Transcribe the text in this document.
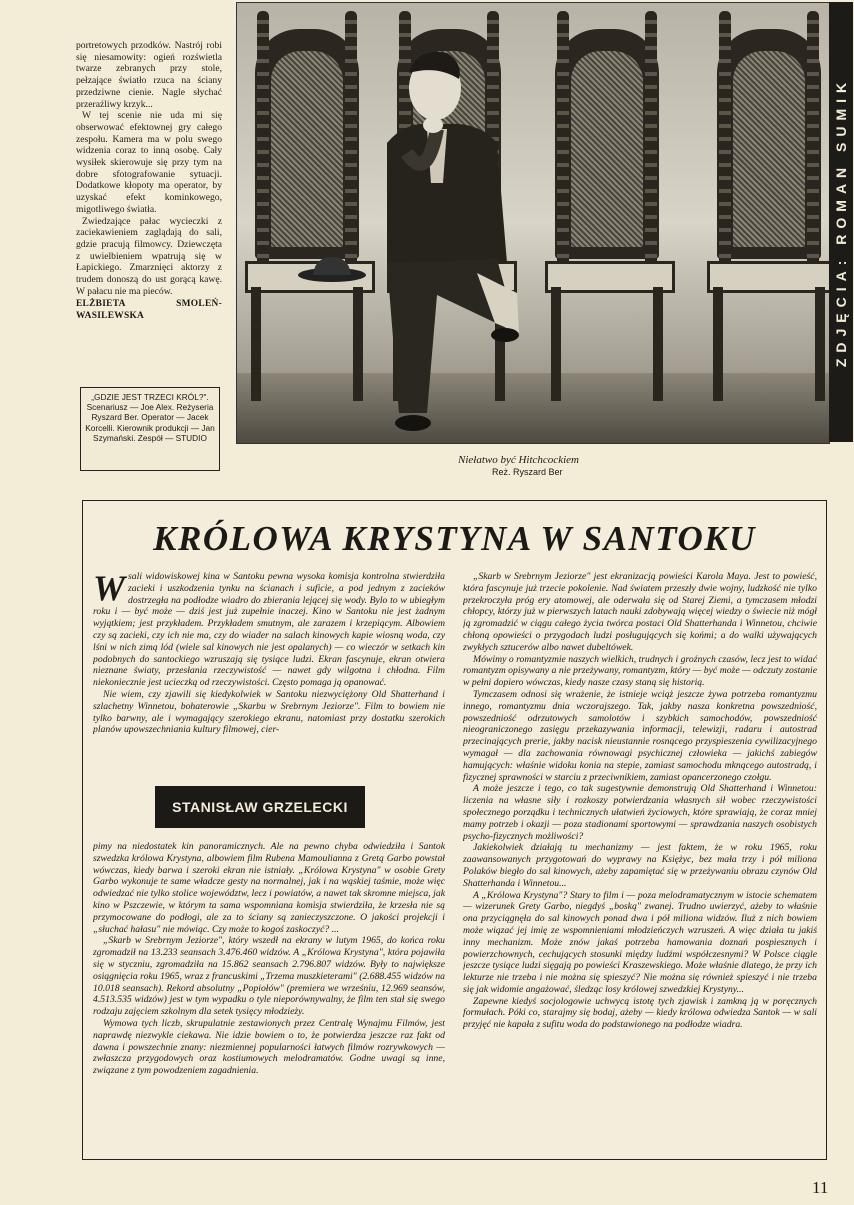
portretowych przodków. Nastrój robi się niesamowity: ogień rozświetla twarze zebranych przy stole, pełzające światło rzuca na ściany przedziwne cienie. Nagle słychać przeraźliwy krzyk...

W tej scenie nie uda mi się obserwować efektownej gry całego zespołu. Kamera ma w polu swego widzenia coraz to inną osobę. Cały wysiłek skierowuje się przy tym na dobre sfotografowanie sytuacji. Dodatkowe kłopoty ma operator, by uzyskać efekt kominkowego, migotliwego światła.

Zwiedzające pałac wycieczki z zaciekawieniem zaglądają do sali, gdzie pracują filmowcy. Dziewczęta z uwielbieniem wpatrują się w Łapickiego. Zmarznięci aktorzy z trudem donoszą do ust gorącą kawę. W pałacu nie ma pieców.

ELŻBIETA SMOLEŃ-WASILEWSKA
„GDZIE JEST TRZECI KRÓL?". Scenariusz — Joe Alex. Reżyseria Ryszard Ber. Operator — Jacek Korcelli. Kierownik produkcji — Jan Szymański. Zespół — STUDIO
ZDJĘCIA: ROMAN SUMIK
Niełatwo być Hitchcockiem
Reż. Ryszard Ber
KRÓLOWA KRYSTYNA W SANTOKU

Wsali widowiskowej kina w Santoku pewna wysoka komisja kontrolna stwierdziła zacieki i uszkodzenia tynku na ścianach i suficie, a pod jednym z zacieków dostrzegła na podłodze wiadro do zbierania lejącej się wody. Bylo to w ubiegłym roku i — być może — dziś jest już zupełnie inaczej. Kino w Santoku nie jest żadnym wyjątkiem; jest przykładem. Przykładem smutnym, ale zarazem i krzepiącym. Albowiem czy są zacieki, czy ich nie ma, czy do wiader na salach kinowych kapie wiosną woda, czy lśni w nich zimą lód (wiele sal kinowych nie jest opalanych) — co wieczór w setkach kin podobnych do santockiego wzruszają się tysiące ludzi. Ekran fascynuje, ekran otwiera nieznane światy, przesłania rzeczywistość — nawet gdy wilgotna i chłodna. Film niekoniecznie jest ucieczką od rzeczywistości. Często pomaga ją opanować.

Nie wiem, czy zjawili się kiedykolwiek w Santoku niezwyciężony Old Shatterhand i szlachetny Winnetou, bohaterowie „Skarbu w Srebrnym Jeziorze". Film to bowiem nie tylko barwny, ale i wymagający szerokiego ekranu, natomiast przy dostatku szerokich planów upowszechniania kultury filmowej, cier-

STANISŁAW GRZELECKI

pimy na niedostatek kin panoramicznych. Ale na pewno chyba odwiedziła i Santok szwedzka królowa Krystyna, albowiem film Rubena Mamoulianna z Gretą Garbo powstał wówczas, kiedy barwa i szeroki ekran nie istniały. „Królowa Krystyna" w osobie Grety Garbo wykonuje te same władcze gesty na normalnej, jak i na wąskiej taśmie, może więc odwiedzać nie tylko stolice województw, lecz i powiatów, a nawet tak skromne miejsca, jak kino w Pszczewie, w którym ta sama wspomniana komisja stwierdziła, że krzesła nie są przymocowane do podłogi, ale za to ściany są zanieczyszczone. O jakości projekcji i „słuchać hałasu" nie mówiąc. Czy może to kogoś zaskoczyć? ...

„Skarb w Srebrnym Jeziorze", który wszedł na ekrany w lutym 1965, do końca roku zgromadził na 13.233 seansach 3.476.460 widzów. A „Królowa Krystyna", która pojawiła się w styczniu, zgromadziła na 15.862 seansach 2.796.807 widzów. Były to największe osiągnięcia roku 1965, wraz z francuskimi „Trzema muszkieterami" (2.688.455 widzów na 10.018 seansach). Rekord absolutny „Popiołów" (premiera we wrześniu, 12.969 seansów, 4.513.535 widzów) jest w tym wypadku o tyle nieporównywalny, że film ten stał się swego rodzaju zajęciem szkolnym dla setek tysięcy młodzieży.

Wymowa tych liczb, skrupulatnie zestawionych przez Centralę Wynajmu Filmów, jest naprawdę niezwykle ciekawa. Nie idzie bowiem o to, że potwierdza jeszcze raz fakt od dawna i powszechnie znany: niezmiennej popularności łatwych filmów rozrywkowych — zwłaszcza przygodowych oraz kostiumowych melodramatów. Godne uwagi są inne, związane z tym powodzeniem zagadnienia.

„Skarb w Srebrnym Jeziorze" jest ekranizacją powieści Karola Maya. Jest to powieść, która fascynuje już trzecie pokolenie. Nad światem przeszły dwie wojny, ludzkość nie tylko przekroczyła próg ery atomowej, ale oderwała się od Starej Ziemi, a tymczasem młodzi chłopcy, którzy już w pierwszych latach nauki zdobywają więcej wiedzy o świecie niż mógł ją zgromadzić w ciągu całego życia twórca postaci Old Shatterhanda i Winnetou, chciwie chłoną opowieści o przygodach ludzi posługujących się końmi; a do walki używających zwykłych sztucerów albo nawet dubeltówek.

Mówimy o romantyzmie naszych wielkich, trudnych i groźnych czasów, lecz jest to widać romantyzm opisywany a nie przeżywany, romantyzm, który — być może — odczuty zostanie w pełni dopiero wówczas, kiedy nasze czasy staną się historią.

Tymczasem odnosi się wrażenie, że istnieje wciąż jeszcze żywa potrzeba romantyzmu innego, romantyzmu dnia wczorajszego. Tak, jakby nasza konkretna powszedniość, powszedniość odrzutowych samolotów i szybkich samochodów, powszedniość nieograniczonego zasięgu przekazywania informacji, telewizji, radaru i autostrad przecinających prerie, jakby nacisk nieustannie rosnącego przyspieszenia cywilizacyjnego wymagał — dla zachowania równowagi psychicznej człowieka — jakichś zabiegów hamujących: właśnie widoku konia na stepie, zamiast samochodu mknącego autostradą, i fizycznej sprawności w starciu z przeciwnikiem, zamiast opancerzonego czołgu.

A może jeszcze i tego, co tak sugestywnie demonstrują Old Shatterhand i Winnetou: liczenia na własne siły i rozkoszy potwierdzania własnych sił wobec rzeczywistości społecznego porządku i technicznych ułatwień życiowych, które sprawiają, że coraz mniej mamy potrzeb i okazji — poza stadionami sportowymi — sprawdzania naszych osobistych psycho-fizycznych możliwości?

Jakiekolwiek działają tu mechanizmy — jest faktem, że w roku 1965, roku zaawansowanych przygotowań do wyprawy na Księżyc, bez mała trzy i pół miliona Polaków biegło do sal kinowych, ażeby zapamiętać się w przeżywaniu obrazu czynów Old Shatterhanda i Winnetou...

A „Królowa Krystyna"? Stary to film i — poza melodramatycznym w istocie schematem — wizerunek Grety Garbo, niegdyś „boską" zwanej. Trudno uwierzyć, ażeby to właśnie ona przyciągnęła do sal kinowych ponad dwa i pół miliona widzów. Iluż z nich bowiem może wiązać jej imię ze wspomnieniami młodzieńczych wzruszeń. A więc działa tu jakiś inny mechanizm. Może znów jakaś potrzeba hamowania doznań pospiesznych i powierzchownych, cechujących stosunki między ludźmi współczesnymi? W Polsce ciągle jeszcze tysiące ludzi sięgają po powieści Kraszewskiego. Może właśnie dlatego, że przy ich lekturze nie trzeba i nie można się spieszyć? Nie można się również spieszyć i nie trzeba się jak widomie angażować, śledząc losy królowej szwedzkiej Krystyny...

Zapewne kiedyś socjologowie uchwycą istotę tych zjawisk i zamkną ją w poręcznych formułach. Póki co, starajmy się bodaj, ażeby — kiedy królowa odwiedza Santok — w sali przyjęć nie kapała z sufitu woda do podstawionego na podłodze wiadra.

11
